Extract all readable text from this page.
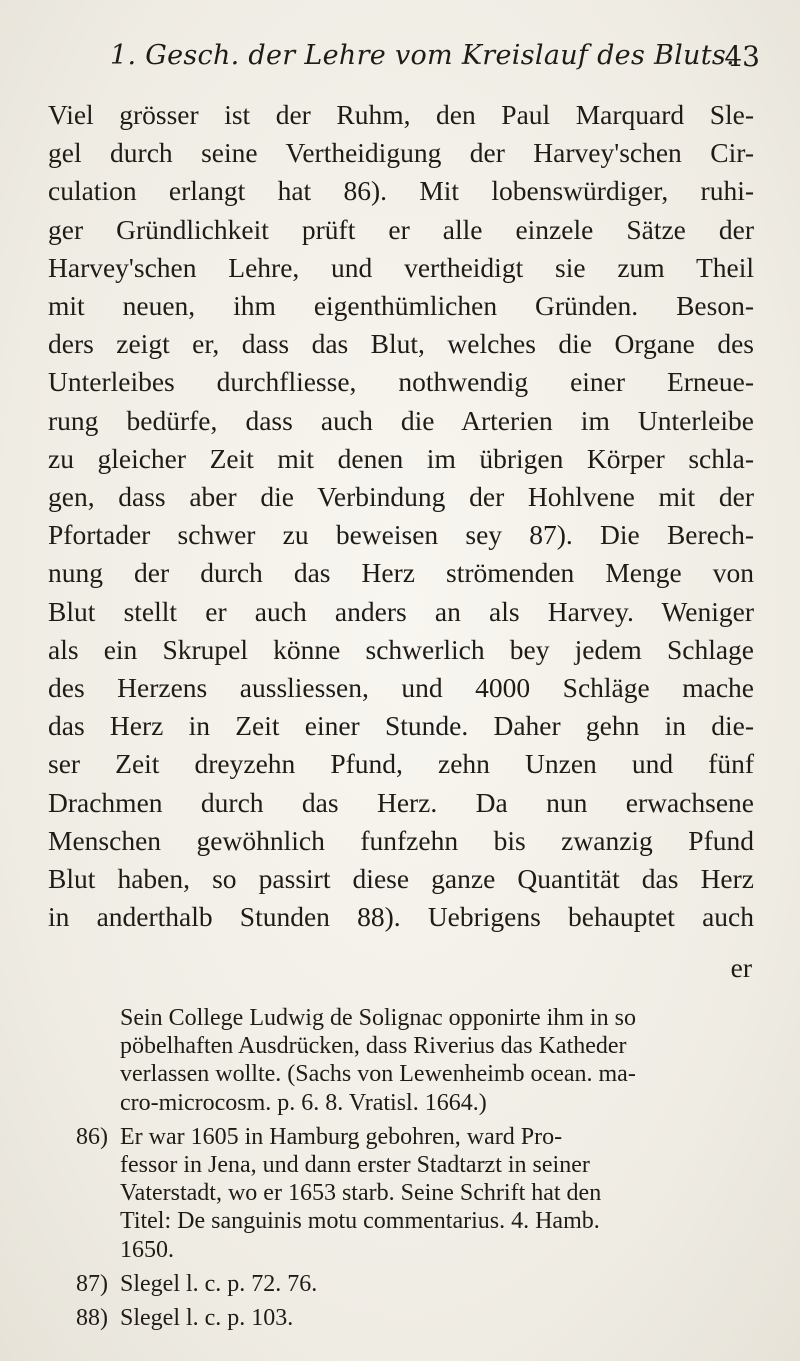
1. Gesch. der Lehre vom Kreislauf des Bluts.
43
Viel grösser ist der Ruhm, den Paul Marquard Sle-
gel durch seine Vertheidigung der Harvey'schen Cir-
culation erlangt hat 86). Mit lobenswürdiger, ruhi-
ger Gründlichkeit prüft er alle einzele Sätze der
Harvey'schen Lehre, und vertheidigt sie zum Theil
mit neuen, ihm eigenthümlichen Gründen. Beson-
ders zeigt er, dass das Blut, welches die Organe des
Unterleibes durchfliesse, nothwendig einer Erneue-
rung bedürfe, dass auch die Arterien im Unterleibe
zu gleicher Zeit mit denen im übrigen Körper schla-
gen, dass aber die Verbindung der Hohlvene mit der
Pfortader schwer zu beweisen sey 87). Die Berech-
nung der durch das Herz strömenden Menge von
Blut stellt er auch anders an als Harvey. Weniger
als ein Skrupel könne schwerlich bey jedem Schlage
des Herzens aussliessen, und 4000 Schläge mache
das Herz in Zeit einer Stunde. Daher gehn in die-
ser Zeit dreyzehn Pfund, zehn Unzen und fünf
Drachmen durch das Herz. Da nun erwachsene
Menschen gewöhnlich funfzehn bis zwanzig Pfund
Blut haben, so passirt diese ganze Quantität das Herz
in anderthalb Stunden 88). Uebrigens behauptet auch
er
Sein College Ludwig de Solignac opponirte ihm in so
pöbelhaften Ausdrücken, dass Riverius das Katheder
verlassen wollte. (Sachs von Lewenheimb ocean. ma-
cro-microcosm. p. 6. 8. Vratisl. 1664.)
86) Er war 1605 in Hamburg gebohren, ward Pro-
fessor in Jena, und dann erster Stadtarzt in seiner
Vaterstadt, wo er 1653 starb. Seine Schrift hat den
Titel: De sanguinis motu commentarius. 4. Hamb.
1650.
87) Slegel l. c. p. 72. 76.
88) Slegel l. c. p. 103.
